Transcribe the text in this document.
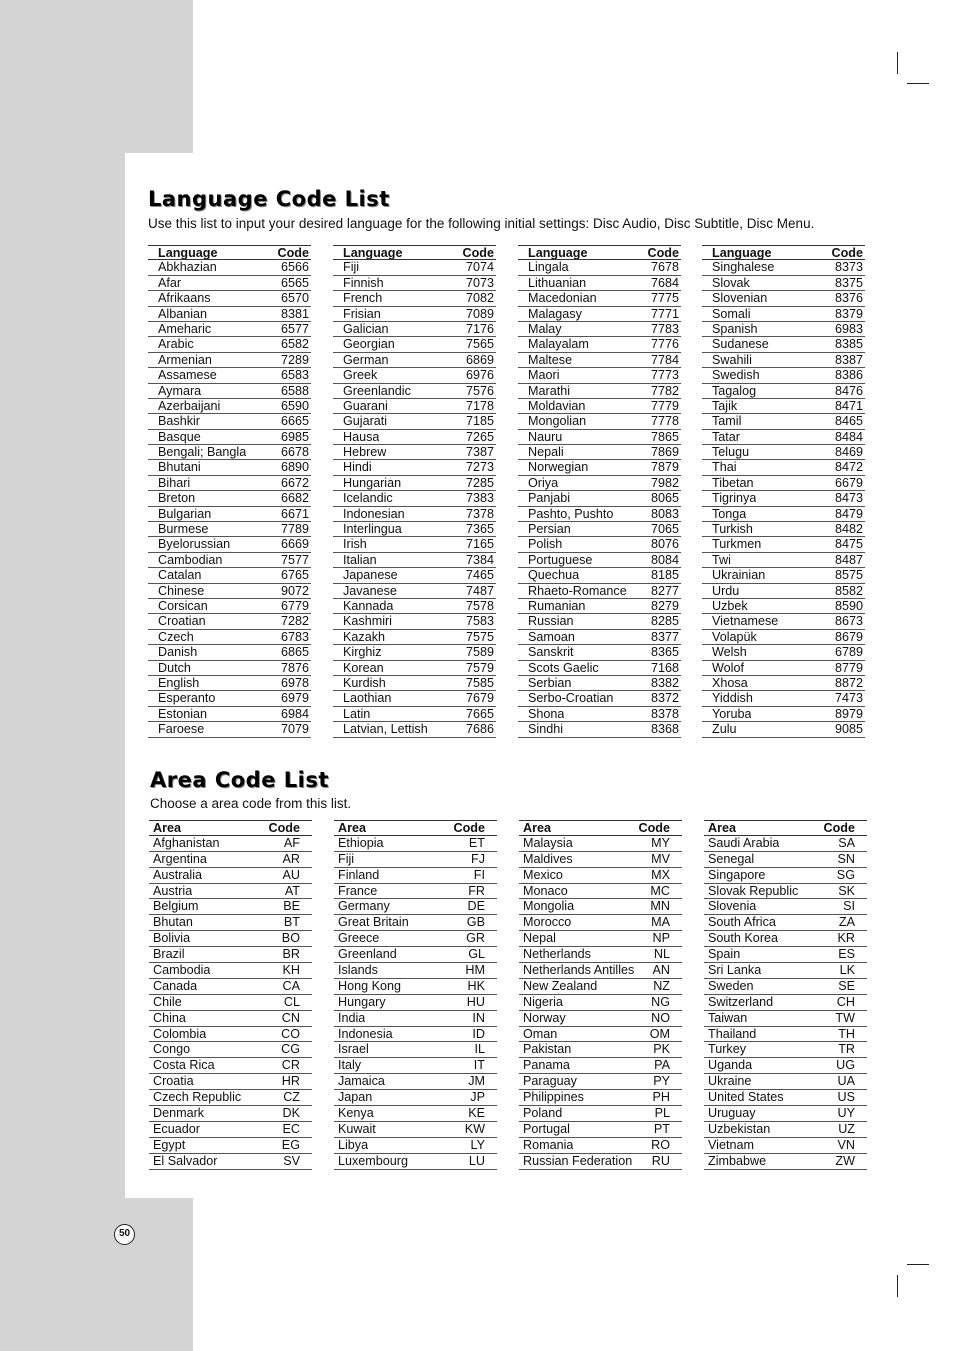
Language Code List

Use this list to input your desired language for the following initial settings: Disc Audio, Disc Subtitle, Disc Menu.

Language	Code
Abkhazian	6566
Afar	6565
Afrikaans	6570
Albanian	8381
Ameharic	6577
Arabic	6582
Armenian	7289
Assamese	6583
Aymara	6588
Azerbaijani	6590
Bashkir	6665
Basque	6985
Bengali; Bangla	6678
Bhutani	6890
Bihari	6672
Breton	6682
Bulgarian	6671
Burmese	7789
Byelorussian	6669
Cambodian	7577
Catalan	6765
Chinese	9072
Corsican	6779
Croatian	7282
Czech	6783
Danish	6865
Dutch	7876
English	6978
Esperanto	6979
Estonian	6984
Faroese	7079
Language	Code
Fiji	7074
Finnish	7073
French	7082
Frisian	7089
Galician	7176
Georgian	7565
German	6869
Greek	6976
Greenlandic	7576
Guarani	7178
Gujarati	7185
Hausa	7265
Hebrew	7387
Hindi	7273
Hungarian	7285
Icelandic	7383
Indonesian	7378
Interlingua	7365
Irish	7165
Italian	7384
Japanese	7465
Javanese	7487
Kannada	7578
Kashmiri	7583
Kazakh	7575
Kirghiz	7589
Korean	7579
Kurdish	7585
Laothian	7679
Latin	7665
Latvian, Lettish	7686
Language	Code
Lingala	7678
Lithuanian	7684
Macedonian	7775
Malagasy	7771
Malay	7783
Malayalam	7776
Maltese	7784
Maori	7773
Marathi	7782
Moldavian	7779
Mongolian	7778
Nauru	7865
Nepali	7869
Norwegian	7879
Oriya	7982
Panjabi	8065
Pashto, Pushto	8083
Persian	7065
Polish	8076
Portuguese	8084
Quechua	8185
Rhaeto-Romance 8277
Rumanian	8279
Russian	8285
Samoan	8377
Sanskrit	8365
Scots Gaelic	7168
Serbian	8382
Serbo-Croatian	8372
Shona	8378
Sindhi	8368
Language	Code
Singhalese	8373
Slovak	8375
Slovenian	8376
Somali	8379
Spanish	6983
Sudanese	8385
Swahili	8387
Swedish	8386
Tagalog	8476
Tajik	8471
Tamil	8465
Tatar	8484
Telugu	8469
Thai	8472
Tibetan	6679
Tigrinya	8473
Tonga	8479
Turkish	8482
Turkmen	8475
Twi	8487
Ukrainian	8575
Urdu	8582
Uzbek	8590
Vietnamese	8673
Volapük	8679
Welsh	6789
Wolof	8779
Xhosa	8872
Yiddish	7473
Yoruba	8979
Zulu	9085
Area Code List

Choose a area code from this list.

Area	Code
Afghanistan	AF
Argentina	AR
Australia	AU
Austria	AT
Belgium	BE
Bhutan	BT
Bolivia	BO
Brazil	BR
Cambodia	KH
Canada	CA
Chile	CL
China	CN
Colombia	CO
Congo	CG
Costa Rica	CR
Croatia	HR
Czech Republic	CZ
Denmark	DK
Ecuador	EC
Egypt	EG
El Salvador	SV
Area	Code
Ethiopia	ET
Fiji	FJ
Finland	FI
France	FR
Germany	DE
Great Britain	GB
Greece	GR
Greenland	GL
Islands	HM
Hong Kong	HK
Hungary	HU
India	IN
Indonesia	ID
Israel	IL
Italy	IT
Jamaica	JM
Japan	JP
Kenya	KE
Kuwait	KW
Libya	LY
Luxembourg	LU
Area	Code
Malaysia	MY
Maldives	MV
Mexico	MX
Monaco	MC
Mongolia	MN
Morocco	MA
Nepal	NP
Netherlands	NL
Netherlands Antilles AN
New Zealand	NZ
Nigeria	NG
Norway	NO
Oman	OM
Pakistan	PK
Panama	PA
Paraguay	PY
Philippines	PH
Poland	PL
Portugal	PT
Romania	RO
Russian Federation RU
Area	Code
Saudi Arabia	SA
Senegal	SN
Singapore	SG
Slovak Republic	SK
Slovenia	SI
South Africa	ZA
South Korea	KR
Spain	ES
Sri Lanka	LK
Sweden	SE
Switzerland	CH
Taiwan	TW
Thailand	TH
Turkey	TR
Uganda	UG
Ukraine	UA
United States	US
Uruguay	UY
Uzbekistan	UZ
Vietnam	VN
Zimbabwe	ZW
50
